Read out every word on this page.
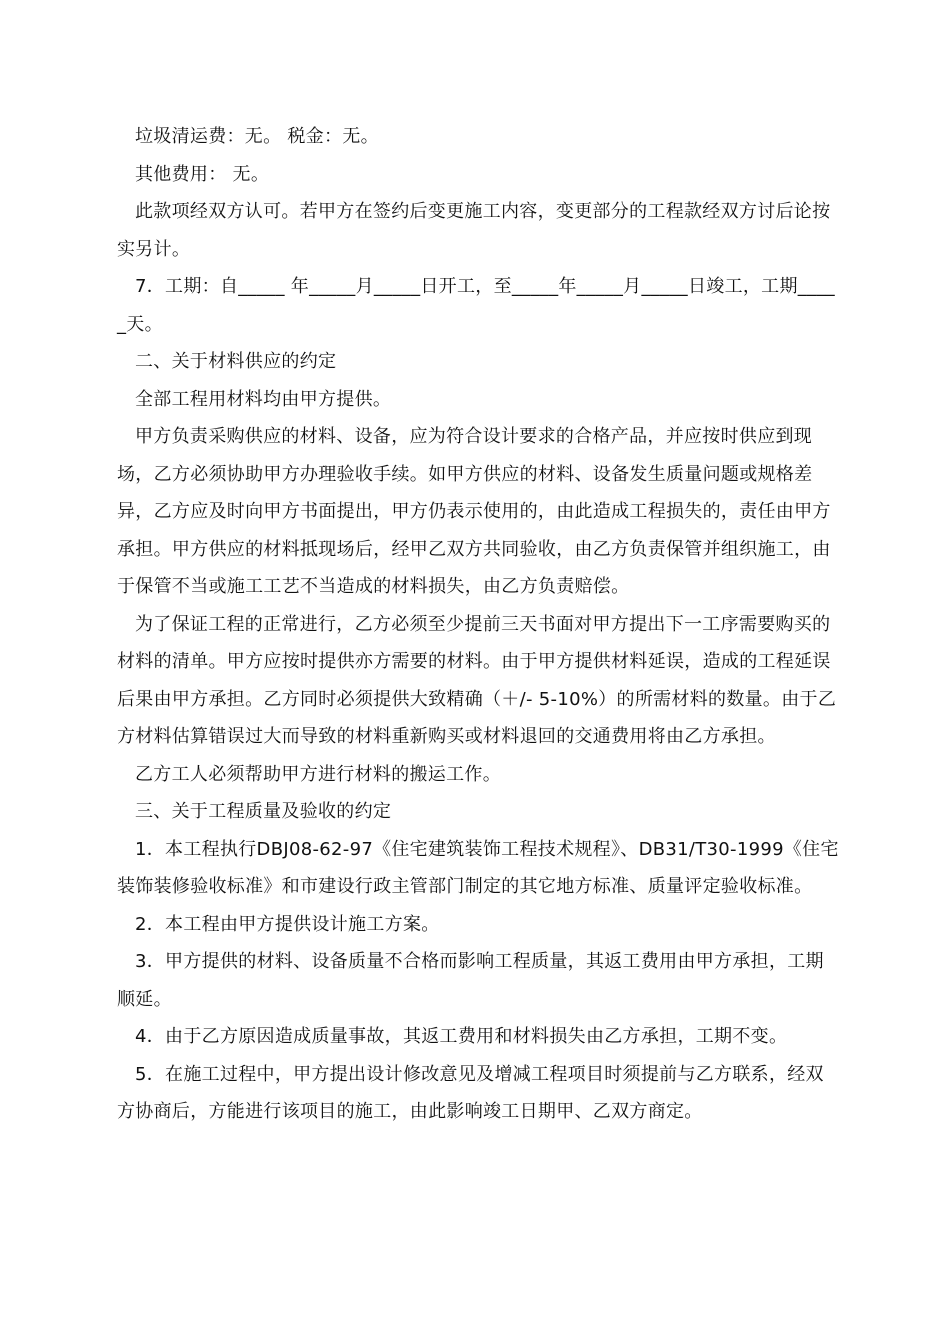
垃圾清运费：无。 税金：无。

其他费用： 无。

此款项经双方认可。若甲方在签约后变更施工内容，变更部分的工程款经双方讨后论按实另计。

7．工期：自_____ 年_____月_____日开工，至_____年_____月_____日竣工，工期_____天。

二、关于材料供应的约定

全部工程用材料均由甲方提供。

甲方负责采购供应的材料、设备，应为符合设计要求的合格产品，并应按时供应到现场，乙方必须协助甲方办理验收手续。如甲方供应的材料、设备发生质量问题或规格差异，乙方应及时向甲方书面提出，甲方仍表示使用的，由此造成工程损失的，责任由甲方承担。甲方供应的材料抵现场后，经甲乙双方共同验收，由乙方负责保管并组织施工，由于保管不当或施工工艺不当造成的材料损失，由乙方负责赔偿。

为了保证工程的正常进行，乙方必须至少提前三天书面对甲方提出下一工序需要购买的材料的清单。甲方应按时提供亦方需要的材料。由于甲方提供材料延误，造成的工程延误后果由甲方承担。乙方同时必须提供大致精确（＋/- 5-10%）的所需材料的数量。由于乙方材料估算错误过大而导致的材料重新购买或材料退回的交通费用将由乙方承担。

乙方工人必须帮助甲方进行材料的搬运工作。

三、关于工程质量及验收的约定

1．本工程执行DBJ08-62-97《住宅建筑装饰工程技术规程》、DB31/T30-1999《住宅装饰装修验收标准》和市建设行政主管部门制定的其它地方标准、质量评定验收标准。

2．本工程由甲方提供设计施工方案。

3．甲方提供的材料、设备质量不合格而影响工程质量，其返工费用由甲方承担，工期顺延。

4．由于乙方原因造成质量事故，其返工费用和材料损失由乙方承担，工期不变。

5．在施工过程中，甲方提出设计修改意见及增减工程项目时须提前与乙方联系，经双方协商后，方能进行该项目的施工，由此影响竣工日期甲、乙双方商定。
